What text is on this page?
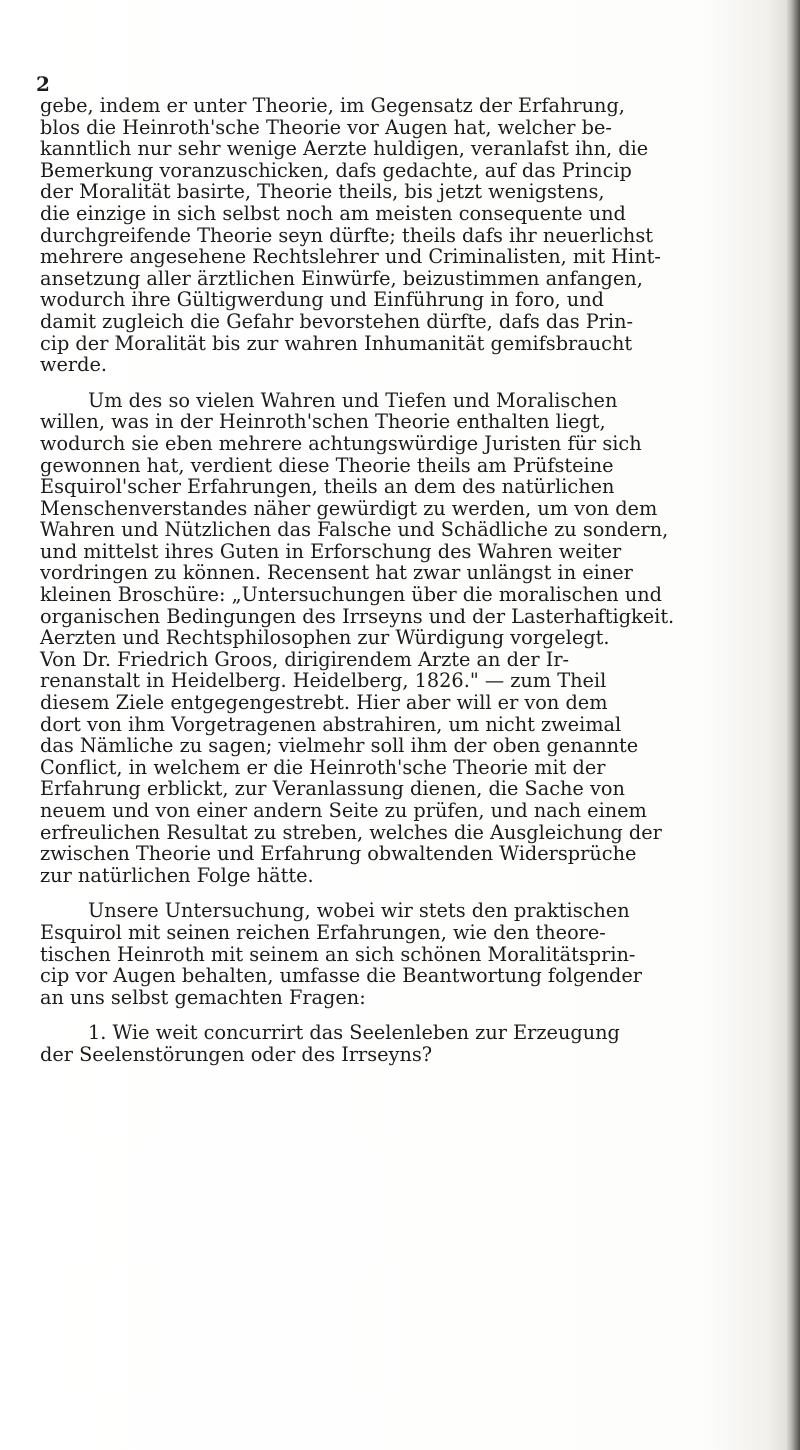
2
gebe, indem er unter Theorie, im Gegensatz der Erfahrung,
blos die Heinroth'sche Theorie vor Augen hat, welcher be-
kanntlich nur sehr wenige Aerzte huldigen, veranlafst ihn, die
Bemerkung voranzuschicken, dafs gedachte, auf das Princip
der Moralität basirte, Theorie theils, bis jetzt wenigstens,
die einzige in sich selbst noch am meisten consequente und
durchgreifende Theorie seyn dürfte; theils dafs ihr neuerlichst
mehrere angesehene Rechtslehrer und Criminalisten, mit Hint-
ansetzung aller ärztlichen Einwürfe, beizustimmen anfangen,
wodurch ihre Gültigwerdung und Einführung in foro, und
damit zugleich die Gefahr bevorstehen dürfte, dafs das Prin-
cip der Moralität bis zur wahren Inhumanität gemifsbraucht
werde.
Um des so vielen Wahren und Tiefen und Moralischen
willen, was in der Heinroth'schen Theorie enthalten liegt,
wodurch sie eben mehrere achtungswürdige Juristen für sich
gewonnen hat, verdient diese Theorie theils am Prüfsteine
Esquirol'scher Erfahrungen, theils an dem des natürlichen
Menschenverstandes näher gewürdigt zu werden, um von dem
Wahren und Nützlichen das Falsche und Schädliche zu sondern,
und mittelst ihres Guten in Erforschung des Wahren weiter
vordringen zu können. Recensent hat zwar unlängst in einer
kleinen Broschüre: „Untersuchungen über die moralischen und
organischen Bedingungen des Irrseyns und der Lasterhaftigkeit.
Aerzten und Rechtsphilosophen zur Würdigung vorgelegt.
Von Dr. Friedrich Groos, dirigirendem Arzte an der Ir-
renanstalt in Heidelberg. Heidelberg, 1826." — zum Theil
diesem Ziele entgegengestrebt. Hier aber will er von dem
dort von ihm Vorgetragenen abstrahiren, um nicht zweimal
das Nämliche zu sagen; vielmehr soll ihm der oben genannte
Conflict, in welchem er die Heinroth'sche Theorie mit der
Erfahrung erblickt, zur Veranlassung dienen, die Sache von
neuem und von einer andern Seite zu prüfen, und nach einem
erfreulichen Resultat zu streben, welches die Ausgleichung der
zwischen Theorie und Erfahrung obwaltenden Widersprüche
zur natürlichen Folge hätte.
Unsere Untersuchung, wobei wir stets den praktischen
Esquirol mit seinen reichen Erfahrungen, wie den theore-
tischen Heinroth mit seinem an sich schönen Moralitätsprin-
cip vor Augen behalten, umfasse die Beantwortung folgender
an uns selbst gemachten Fragen:
1. Wie weit concurrirt das Seelenleben zur Erzeugung
der Seelenstörungen oder des Irrseyns?
